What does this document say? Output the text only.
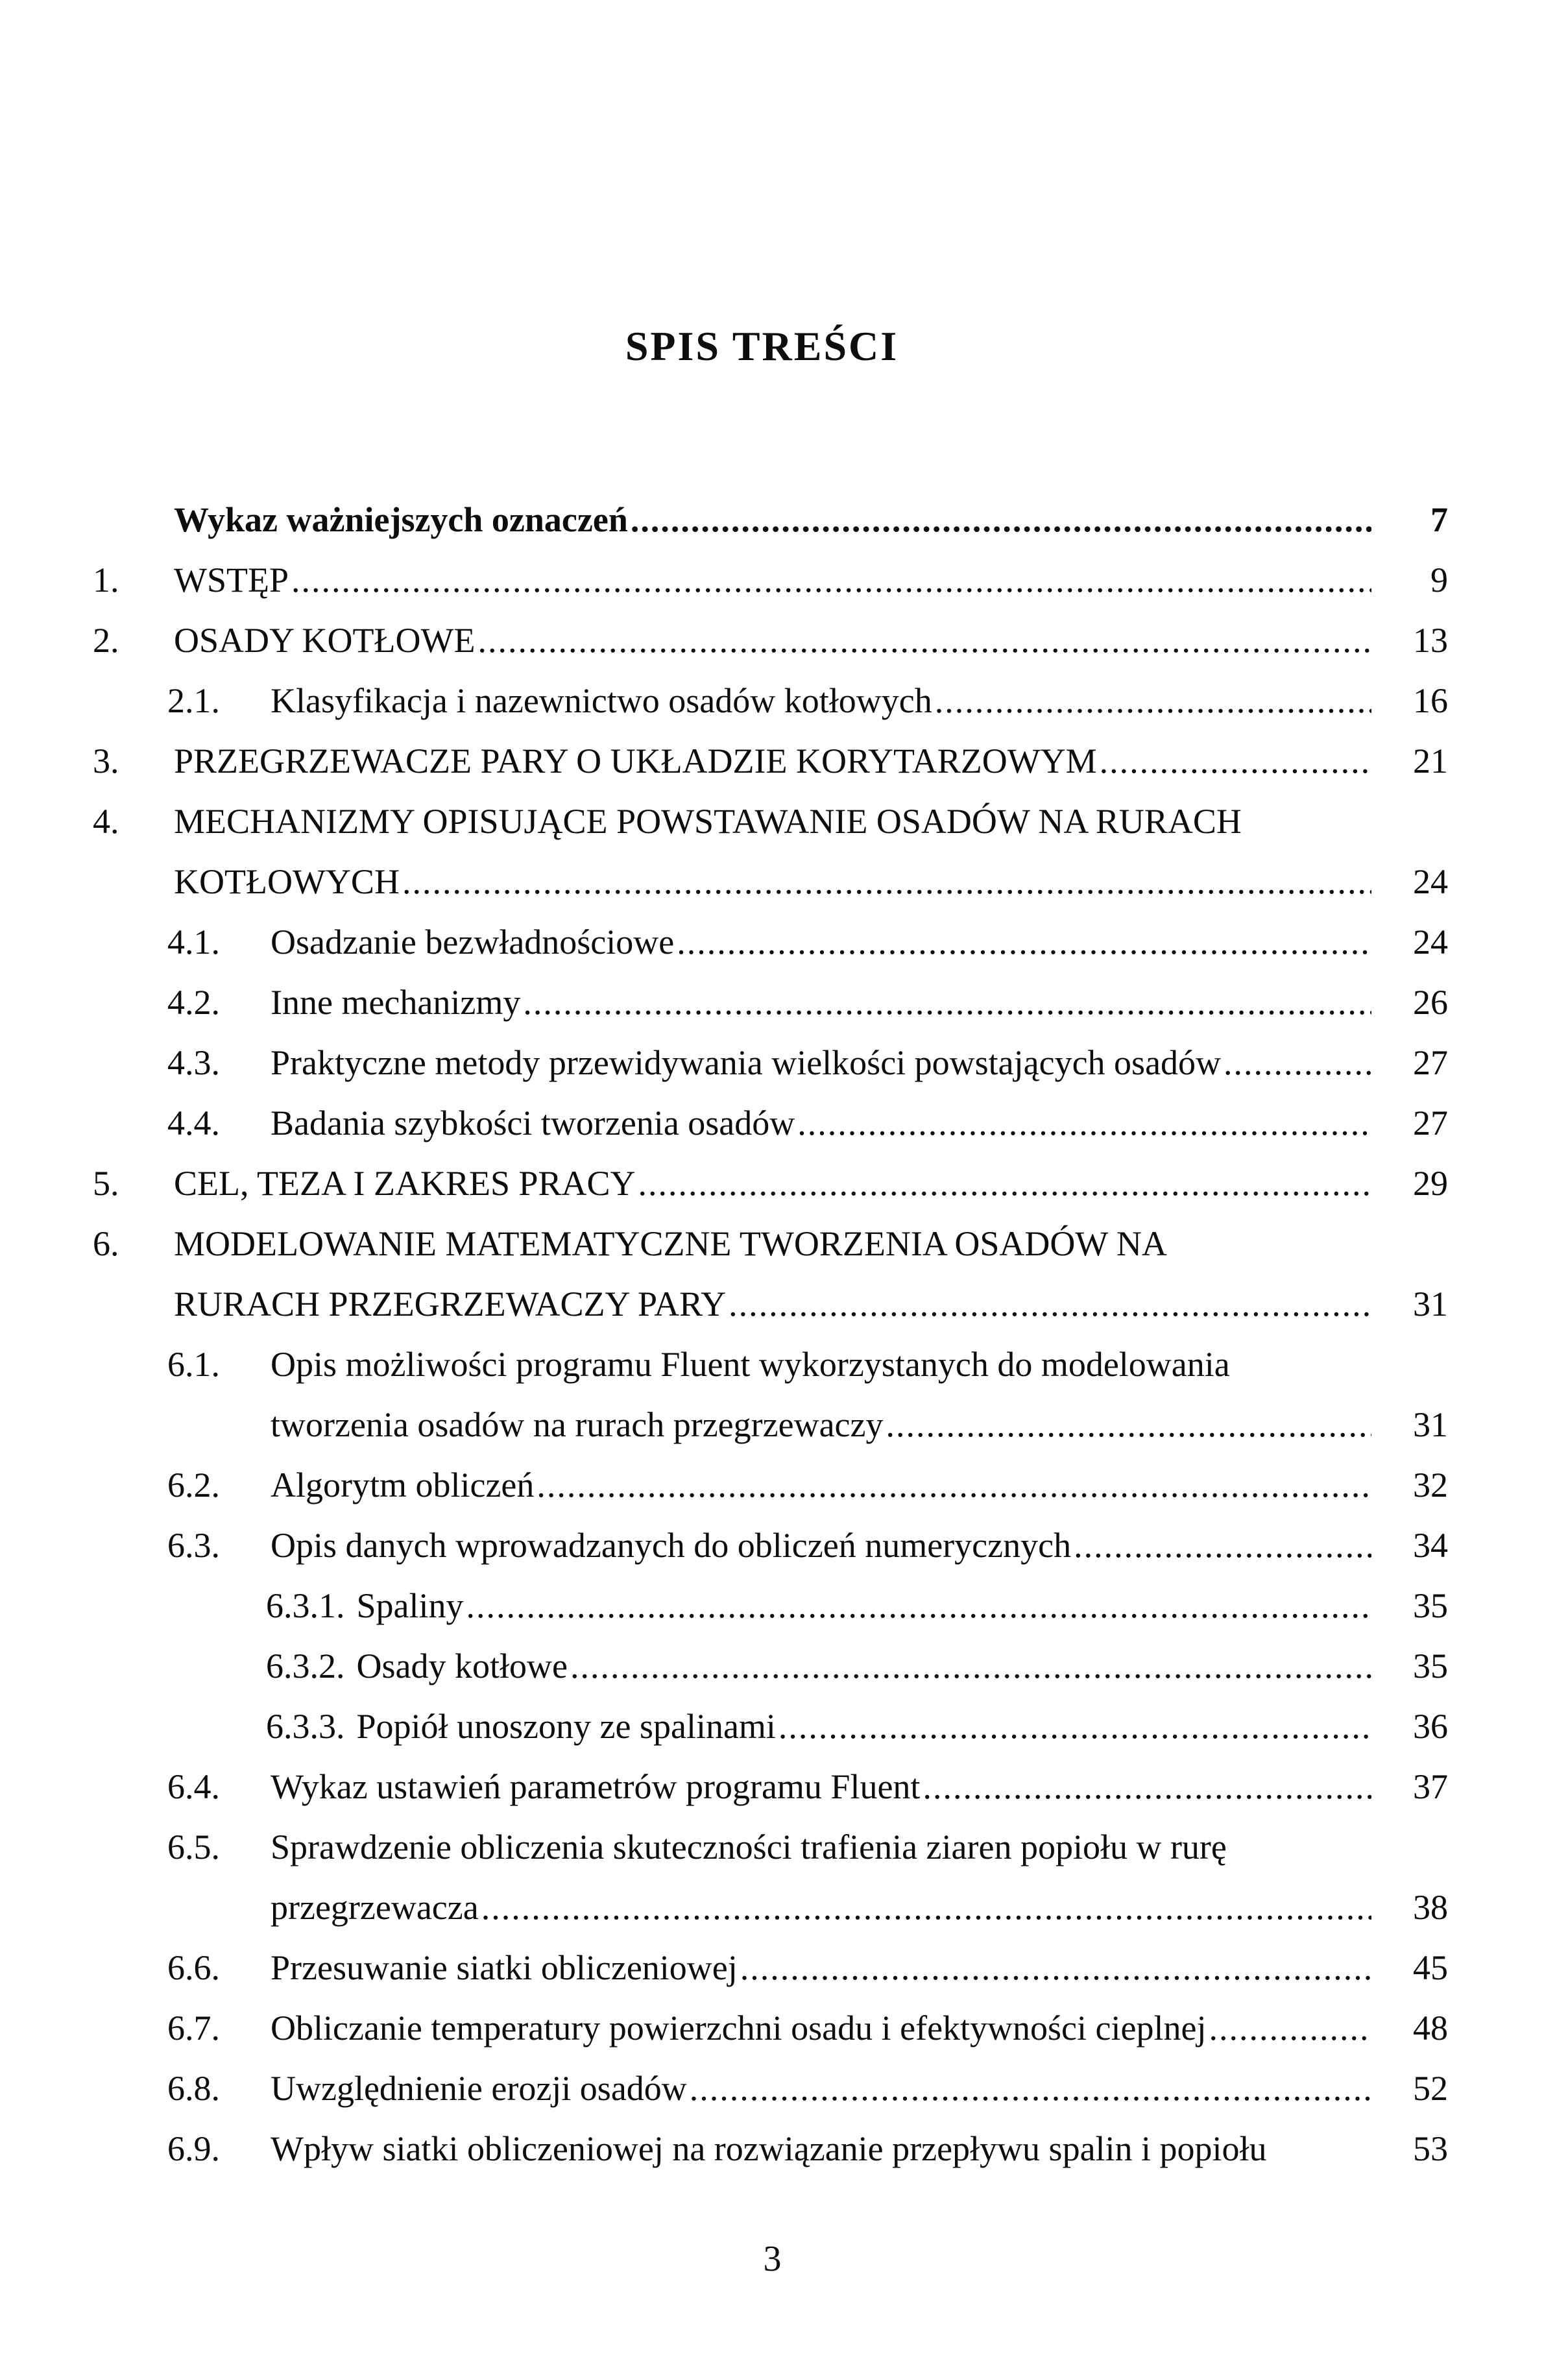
SPIS TREŚCI
Wykaz ważniejszych oznaczeń .....	7
1.	WSTĘP .....	9
2.	OSADY KOTŁOWE .....	13
2.1.	Klasyfikacja i nazewnictwo osadów kotłowych .....	16
3.	PRZEGRZEWACZE PARY O UKŁADZIE KORYTARZOWYM .....	21
4.	MECHANIZMY OPISUJĄCE POWSTAWANIE OSADÓW NA RURACH
KOTŁOWYCH .....	24
4.1.	Osadzanie bezwładnościowe .....	24
4.2.	Inne mechanizmy .....	26
4.3.	Praktyczne metody przewidywania wielkości powstających osadów .....	27
4.4.	Badania szybkości tworzenia osadów .....	27
5.	CEL, TEZA I ZAKRES PRACY .....	29
6.	MODELOWANIE MATEMATYCZNE TWORZENIA OSADÓW NA
RURACH PRZEGRZEWACZY PARY .....	31
6.1.	Opis możliwości programu Fluent wykorzystanych do modelowania
tworzenia osadów na rurach przegrzewaczy .....	31
6.2.	Algorytm obliczeń .....	32
6.3.	Opis danych wprowadzanych do obliczeń numerycznych .....	34
6.3.1. Spaliny .....	35
6.3.2. Osady kotłowe .....	35
6.3.3. Popiół unoszony ze spalinami .....	36
6.4.	Wykaz ustawień parametrów programu Fluent .....	37
6.5.	Sprawdzenie obliczenia skuteczności trafienia ziaren popiołu w rurę
przegrzewacza .....	38
6.6.	Przesuwanie siatki obliczeniowej .....	45
6.7.	Obliczanie temperatury powierzchni osadu i efektywności cieplnej .....	48
6.8.	Uwzględnienie erozji osadów .....	52
6.9.	Wpływ siatki obliczeniowej na rozwiązanie przepływu spalin i popiołu	53
3
